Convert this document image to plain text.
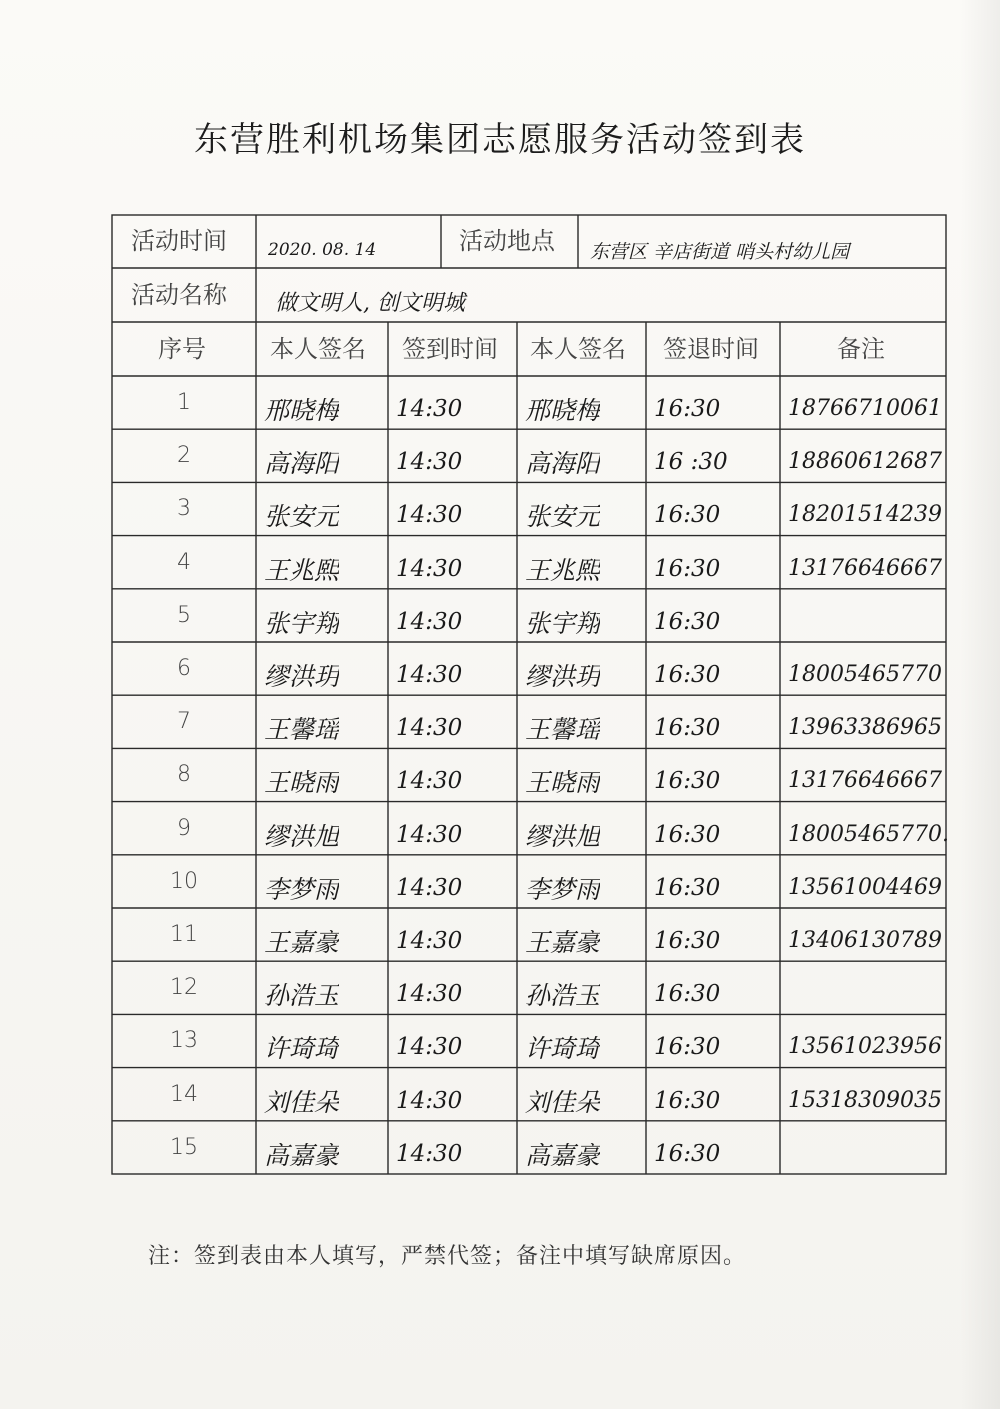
东营胜利机场集团志愿服务活动签到表
活动时间 2020. 08. 14	活动地点 东营区 辛店街道 哨头村幼儿园
活动名称 做文明人, 创文明城
序号	本人签名 签到时间 本人签名 签退时间	备注
1	邢晓梅 14:30	邢晓梅 16:30	18766710061
2	高海阳 14:30	高海阳 16 :30	18860612687
3	张安元 14:30	张安元 16:30	18201514239
4	王兆熙 14:30	王兆熙 16:30	13176646667
5	张宇翔 14:30	张宇翔 16:30
6	缪洪玥 14:30	缪洪玥 16:30	18005465770
7	王馨瑶 14:30	王馨瑶 16:30	13963386965
8	王晓雨 14:30	王晓雨 16:30	13176646667
9	缪洪旭 14:30	缪洪旭 16:30	18005465770.
10	李梦雨 14:30	李梦雨 16:30	13561004469
11	王嘉豪 14:30	王嘉豪 16:30	13406130789
12	孙浩玉 14:30	孙浩玉 16:30
13	许琦琦 14:30	许琦琦 16:30	13561023956
14	刘佳朵 14:30	刘佳朵 16:30	15318309035
15	高嘉豪 14:30	高嘉豪 16:30
注：签到表由本人填写，严禁代签；备注中填写缺席原因。
